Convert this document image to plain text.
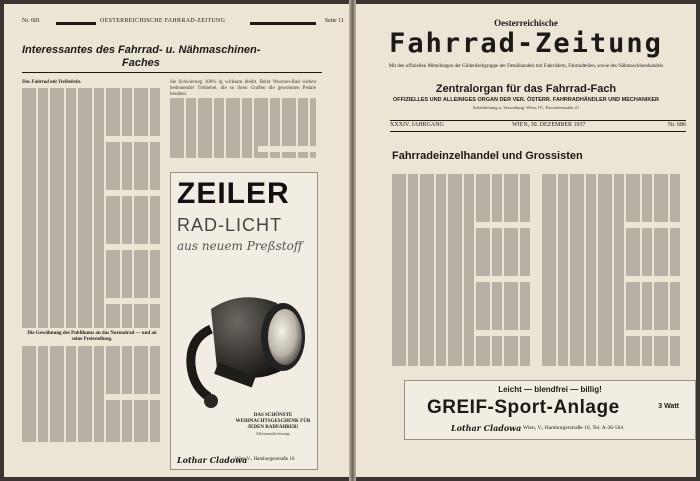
Nr. 681	OESTERREICHISCHE FAHRRAD-ZEITUNG	Seite 11
Interessantes des Fahrrad- u. Nähmaschinen-
Faches
Das Fahrrad mit Treibebeln.
Die Gewöhnung des Publikums an das Normalrad — und an seine Preisstellung.
die Schwierung 100% ig wirksam bleibt. Beim Wooroer-Rad wirken bedeutender Treibebel, die so ihren Großen die gewohnten Pedale heraben.
ZEILER
RAD-LICHT
aus neuem Preßstoff
DAS SCHÖNSTE WEIHNACHTSGESCHENK FÜR JEDEN RADFAHRER!
Alleinauslieferung:
Lothar Cladowa
Wien V., Hamburgerstraße 10
Oesterreichische
Fahrrad-Zeitung
Mit den offiziellen Mitteilungen der Gildenfachgruppe der Detailhandels mit Fahrrädern, Fahrradteilen, sowie des Nähmaschinenhandels
Zentralorgan für das Fahrrad-Fach
OFFIZIELLES UND ALLEINIGES ORGAN DER VER. ÖSTERR. FAHRRADHÄNDLER UND MECHANIKER
Schriftleitung u. Verwaltung: Wien, IV., Favoritenstraße 21
XXXIV. JAHRGANG	WIEN, 30. DEZEMBER 1937	Nr. 686
Fahrradeinzelhandel und Grossisten
Leicht — blendfrei — billig!
GREIF-Sport-Anlage	3 Watt
Lothar Cladowa Wien, V., Hamburgerstraße 10, Tel. A-36-504
